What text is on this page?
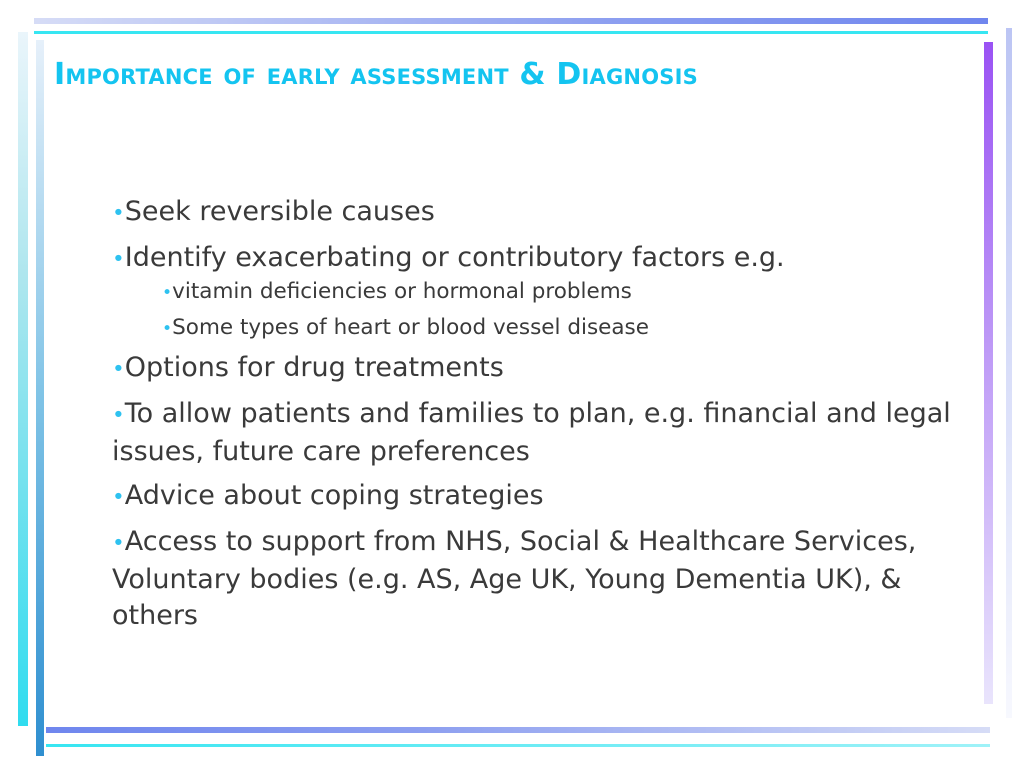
Importance of early assessment & Diagnosis
•Seek reversible causes
•Identify exacerbating or contributory factors e.g.
•vitamin deficiencies or hormonal problems
•Some types of heart or blood vessel disease
•Options for drug treatments
•To allow patients and families to plan, e.g. financial and legal issues, future care preferences
•Advice about coping strategies
•Access to support from NHS, Social & Healthcare Services, Voluntary bodies (e.g. AS, Age UK, Young Dementia UK), & others
